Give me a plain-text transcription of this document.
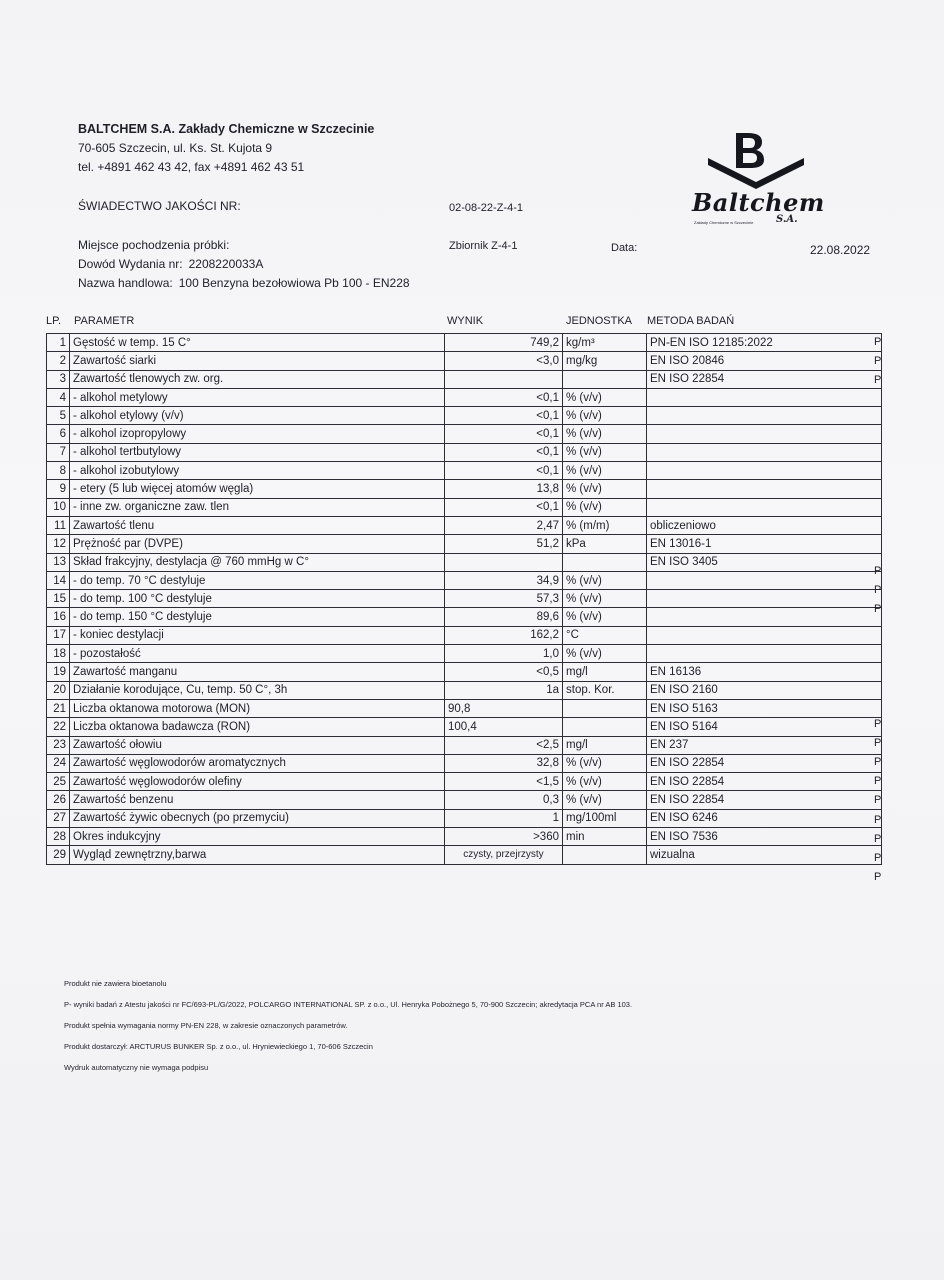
BALTCHEM S.A. Zakłady Chemiczne w Szczecinie
70-605 Szczecin, ul. Ks. St. Kujota 9
tel. +4891 462 43 42, fax +4891 462 43 51
Baltchem
S.A.
Zakłady Chemiczne w Szczecinie
ŚWIADECTWO JAKOŚCI NR:	02-08-22-Z-4-1
Miejsce pochodzenia próbki:
Dowód Wydania nr: 2208220033A
Nazwa handlowa: 100 Benzyna bezołowiowa Pb 100 - EN228
Zbiornik Z-4-1	Data:	22.08.2022
LP. PARAMETR	WYNIK	JEDNOSTKA METODA BADAŃ
1	Gęstość w temp. 15 C°	749,2	kg/m³	PN-EN ISO 12185:2022
2	Zawartość siarki	<3,0	mg/kg	EN ISO 20846
3	Zawartość tlenowych zw. org.			EN ISO 22854
4	- alkohol metylowy	<0,1	% (v/v)	
5	- alkohol etylowy (v/v)	<0,1	% (v/v)	
6	- alkohol izopropylowy	<0,1	% (v/v)	
7	- alkohol tertbutylowy	<0,1	% (v/v)	
8	- alkohol izobutylowy	<0,1	% (v/v)	
9	- etery (5 lub więcej atomów węgla)	13,8	% (v/v)	
10	- inne zw. organiczne zaw. tlen	<0,1	% (v/v)	
11	Zawartość tlenu	2,47	% (m/m)	obliczeniowo
12	Prężność par (DVPE)	51,2	kPa	EN 13016-1
13	Skład frakcyjny, destylacja @ 760 mmHg w C°			EN ISO 3405
14	- do temp. 70 °C destyluje	34,9	% (v/v)	
15	- do temp. 100 °C destyluje	57,3	% (v/v)	
16	- do temp. 150 °C destyluje	89,6	% (v/v)	
17	- koniec destylacji	162,2	°C	
18	- pozostałość	1,0	% (v/v)	
19	Zawartość manganu	<0,5	mg/l	EN 16136
20	Działanie korodujące, Cu, temp. 50 C°, 3h	1a	stop. Kor.	EN ISO 2160
21	Liczba oktanowa motorowa (MON)	90,8		EN ISO 5163
22	Liczba oktanowa badawcza (RON)	100,4		EN ISO 5164
23	Zawartość ołowiu	<2,5	mg/l	EN 237
24	Zawartość węglowodorów aromatycznych	32,8	% (v/v)	EN ISO 22854
25	Zawartość węglowodorów olefiny	<1,5	% (v/v)	EN ISO 22854
26	Zawartość benzenu	0,3	% (v/v)	EN ISO 22854
27	Zawartość żywic obecnych (po przemyciu)	1	mg/100ml	EN ISO 6246
28	Okres indukcyjny	>360	min	EN ISO 7536
29	Wygląd zewnętrzny,barwa	czysty, przejrzysty		wizualna
P
P
P
P
P
P
P
P
P
P
P
P
P
P
P
Produkt nie zawiera bioetanolu
P- wyniki badań z Atestu jakości nr FC/693-PL/G/2022, POLCARGO INTERNATIONAL SP. z o.o., Ul. Henryka Pobożnego 5, 70-900 Szczecin; akredytacja PCA nr AB 103.
Produkt spełnia wymagania normy PN-EN 228, w zakresie oznaczonych parametrów.
Produkt dostarczył: ARCTURUS BUNKER Sp. z o.o., ul. Hryniewieckiego 1, 70-606 Szczecin
Wydruk automatyczny nie wymaga podpisu
